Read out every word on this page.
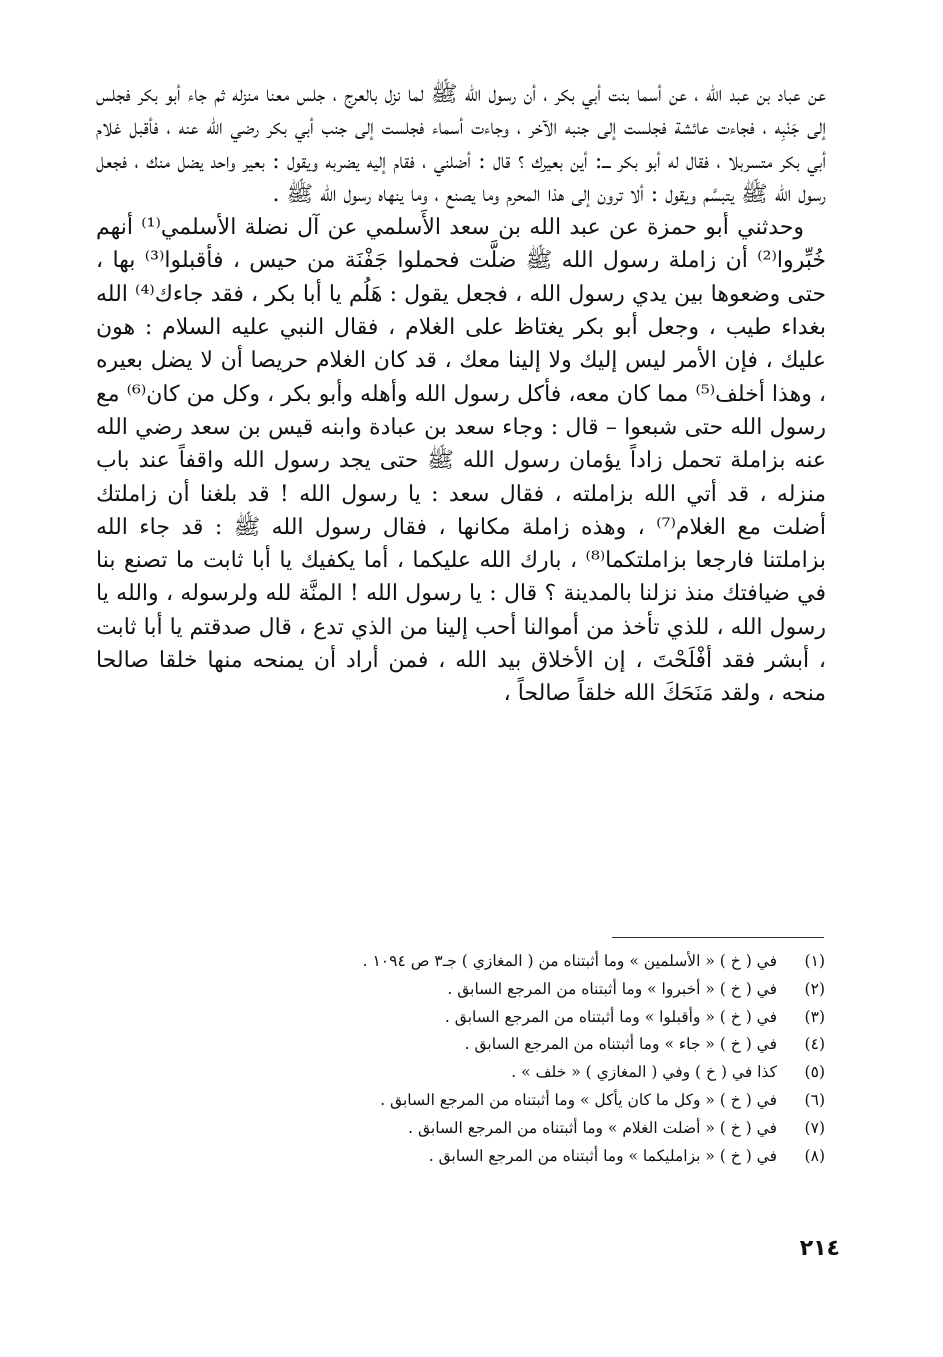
عن عباد بن عبد الله ، عن أسما بنت أبي بكر ، أن رسول الله ﷺ لما نزل بالعرج ، جلس معنا منزله ثم جاء أبو بكر فجلس إلى جَنْبِه ، فجاءت عائشة فجلست إلى جنبه الآخر ، وجاءت أسماء فجلست إلى جنب أبي بكر رضي الله عنه ، فأقبل غلام أبي بكر متسربلا ، فقال له أبو بكر ـــ: أين بعيرك ؟ قال : أضلني ، فقام إليه يضربه ويقول : بعير واحد يضل منك ، فجعل رسول الله ﷺ يتبسَّم ويقول : ألا ترون إلى هذا المحرم وما يصنع ، وما ينهاه رسول الله ﷺ .

وحدثني أبو حمزة عن عبد الله بن سعد الأَسلمي عن آل نضلة الأسلمي⁽¹⁾ أنهم خُبِّروا⁽²⁾ أن زاملة رسول الله ﷺ ضلَّت فحملوا جَفْنَة من حيس ، فأقبلوا⁽³⁾ بها ، حتى وضعوها بين يدي رسول الله ، فجعل يقول : هَلُم يا أبا بكر ، فقد جاءك⁽⁴⁾ الله بغداء طيب ، وجعل أبو بكر يغتاظ على الغلام ، فقال النبي عليه السلام : هون عليك ، فإن الأمر ليس إليك ولا إلينا معك ، قد كان الغلام حريصا أن لا يضل بعيره ، وهذا أخلف⁽⁵⁾ مما كان معه، فأكل رسول الله وأهله وأبو بكر ، وكل من كان⁽⁶⁾ مع رسول الله حتى شبعوا – قال : وجاء سعد بن عبادة وابنه قيس بن سعد رضي الله عنه بزاملة تحمل زاداً يؤمان رسول الله ﷺ حتى يجد رسول الله واقفاً عند باب منزله ، قد أتي الله بزاملته ، فقال سعد : يا رسول الله ! قد بلغنا أن زاملتك أضلت مع الغلام⁽⁷⁾ ، وهذه زاملة مكانها ، فقال رسول الله ﷺ : قد جاء الله بزاملتنا فارجعا بزاملتكما⁽⁸⁾ ، بارك الله عليكما ، أما يكفيك يا أبا ثابت ما تصنع بنا في ضيافتك منذ نزلنا بالمدينة ؟ قال : يا رسول الله ! المنَّة لله ولرسوله ، والله يا رسول الله ، للذي تأخذ من أموالنا أحب إلينا من الذي تدع ، قال صدقتم يا أبا ثابت ، أبشر فقد أفْلَحْتَ ، إن الأخلاق بيد الله ، فمن أراد أن يمنحه منها خلقا صالحا منحه ، ولقد مَنَحَكَ الله خلقاً صالحاً ،

(١)
في ( خ ) « الأسلمين » وما أثبتناه من ( المغازي ) جـ٣ ص ١٠٩٤ .
(٢)
في ( خ ) « أخبروا » وما أثبتناه من المرجع السابق .
(٣)
في ( خ ) « وأقبلوا » وما أثبتناه من المرجع السابق .
(٤)
في ( خ ) « جاء » وما أثبتناه من المرجع السابق .
(٥)
كذا في ( خ ) وفي ( المغازي ) « خلف » .
(٦)
في ( خ ) « وكل ما كان يأكل » وما أثبتناه من المرجع السابق .
(٧)
في ( خ ) « أضلت الغلام » وما أثبتناه من المرجع السابق .
(٨)
في ( خ ) « بزامليكما » وما أثبتناه من المرجع السابق .
٢١٤
